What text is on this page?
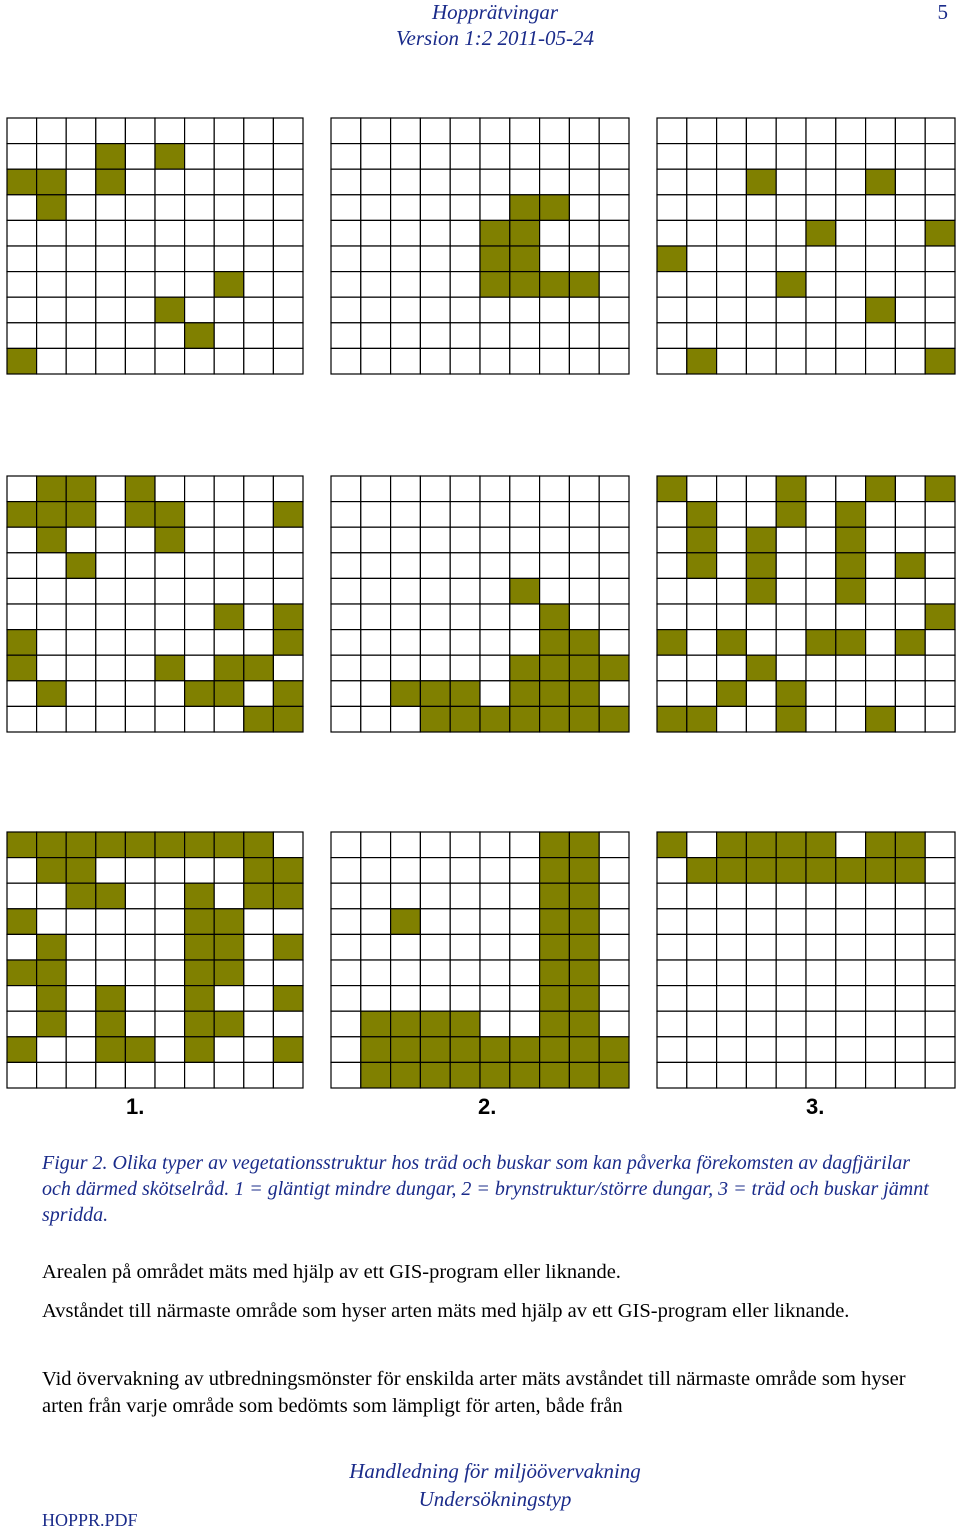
Hopprätvingar
Version 1:2 2011-05-24
5
1.	2.	3.
Figur 2. Olika typer av vegetationsstruktur hos träd och buskar som kan påverka förekomsten av dagfjärilar och därmed skötselråd. 1 = gläntigt mindre dungar, 2 = brynstruktur/större dungar, 3 = träd och buskar jämnt spridda.
Arealen på området mäts med hjälp av ett GIS-program eller liknande.
Avståndet till närmaste område som hyser arten mäts med hjälp av ett GIS-program eller liknande.
Vid övervakning av utbredningsmönster för enskilda arter mäts avståndet till närmaste område som hyser arten från varje område som bedömts som lämpligt för arten, både från
Handledning för miljöövervakning
Undersökningstyp
HOPPR.PDF
